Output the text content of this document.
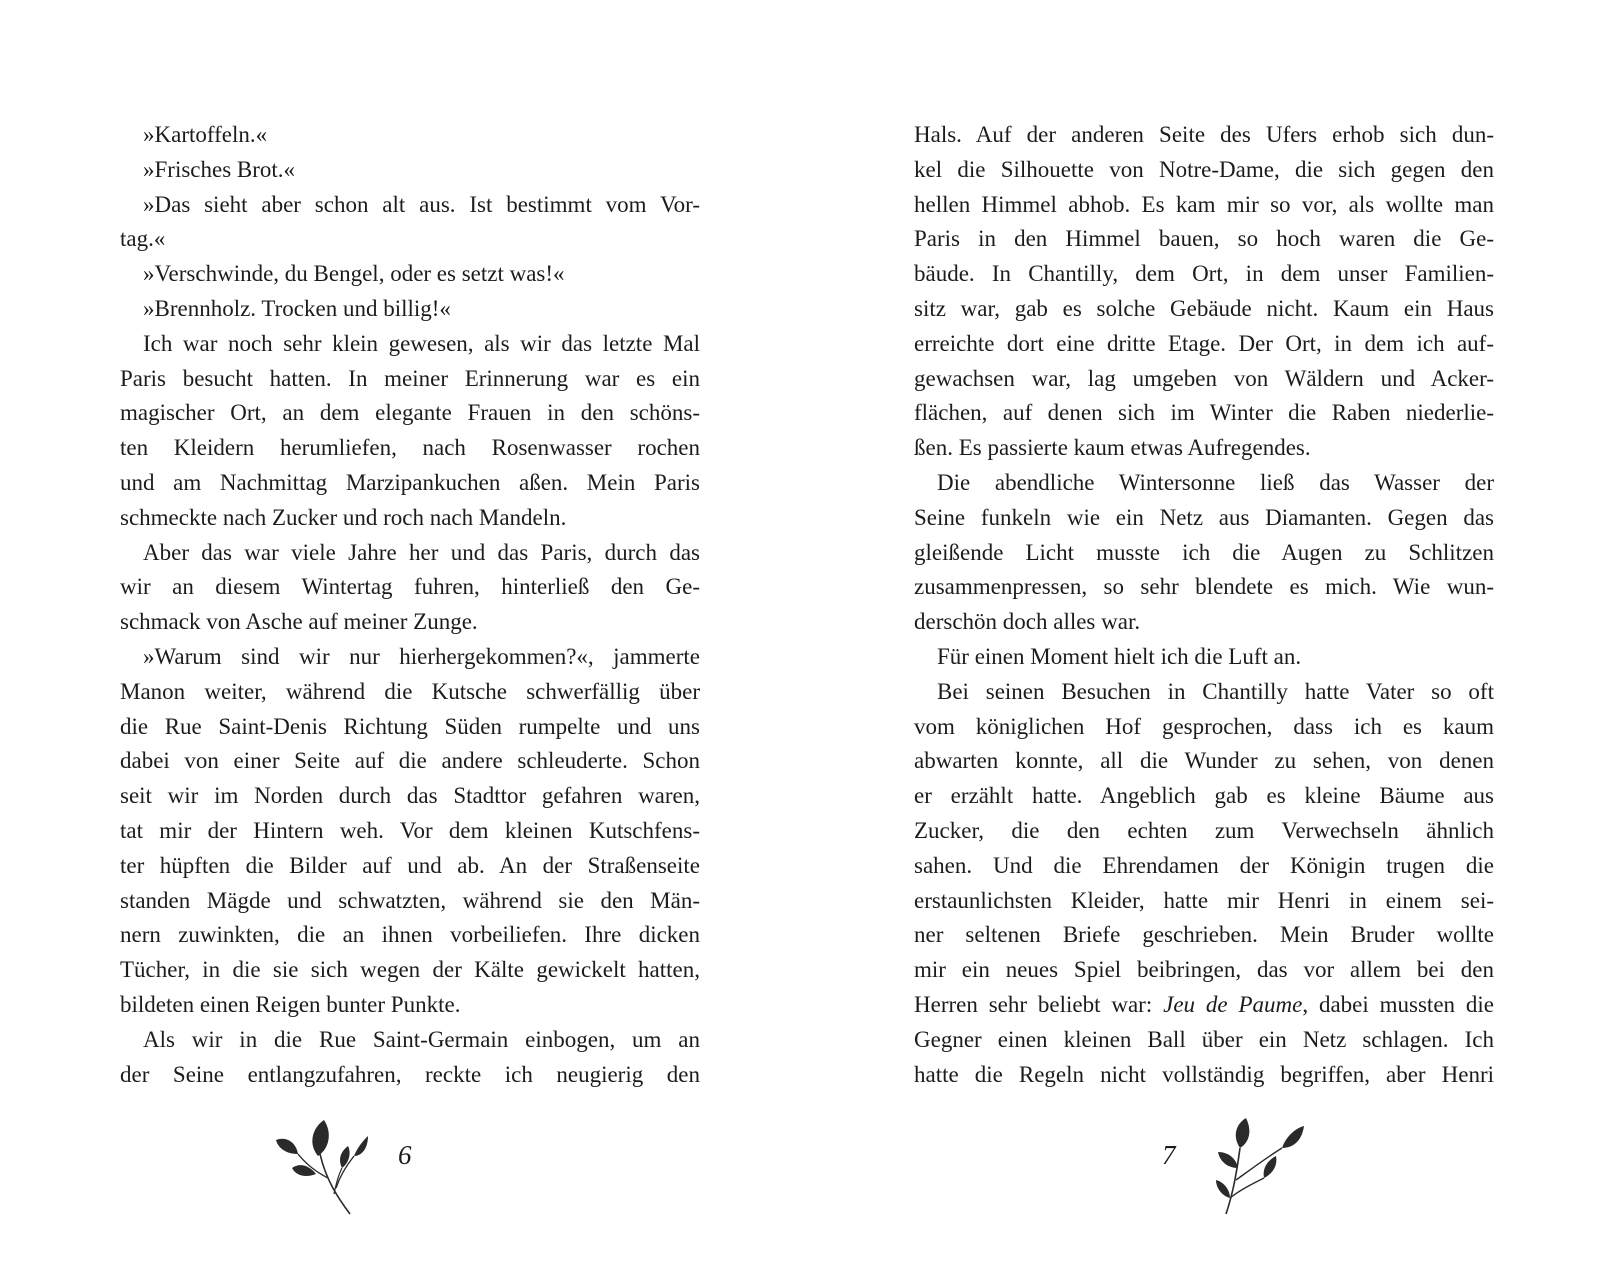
»Kartoffeln.«
»Frisches Brot.«
»Das sieht aber schon alt aus. Ist bestimmt vom Vor-
tag.«
»Verschwinde, du Bengel, oder es setzt was!«
»Brennholz. Trocken und billig!«
Ich war noch sehr klein gewesen, als wir das letzte Mal
Paris besucht hatten. In meiner Erinnerung war es ein
magischer Ort, an dem elegante Frauen in den schöns-
ten Kleidern herumliefen, nach Rosenwasser rochen
und am Nachmittag Marzipankuchen aßen. Mein Paris
schmeckte nach Zucker und roch nach Mandeln.
Aber das war viele Jahre her und das Paris, durch das
wir an diesem Wintertag fuhren, hinterließ den Ge-
schmack von Asche auf meiner Zunge.
»Warum sind wir nur hierhergekommen?«, jammerte
Manon weiter, während die Kutsche schwerfällig über
die Rue Saint-Denis Richtung Süden rumpelte und uns
dabei von einer Seite auf die andere schleuderte. Schon
seit wir im Norden durch das Stadttor gefahren waren,
tat mir der Hintern weh. Vor dem kleinen Kutschfens-
ter hüpften die Bilder auf und ab. An der Straßenseite
standen Mägde und schwatzten, während sie den Män-
nern zuwinkten, die an ihnen vorbeiliefen. Ihre dicken
Tücher, in die sie sich wegen der Kälte gewickelt hatten,
bildeten einen Reigen bunter Punkte.
Als wir in die Rue Saint-Germain einbogen, um an
der Seine entlangzufahren, reckte ich neugierig den
6
Hals. Auf der anderen Seite des Ufers erhob sich dun-
kel die Silhouette von Notre-Dame, die sich gegen den
hellen Himmel abhob. Es kam mir so vor, als wollte man
Paris in den Himmel bauen, so hoch waren die Ge-
bäude. In Chantilly, dem Ort, in dem unser Familien-
sitz war, gab es solche Gebäude nicht. Kaum ein Haus
erreichte dort eine dritte Etage. Der Ort, in dem ich auf-
gewachsen war, lag umgeben von Wäldern und Acker-
flächen, auf denen sich im Winter die Raben niederlie-
ßen. Es passierte kaum etwas Aufregendes.
Die abendliche Wintersonne ließ das Wasser der
Seine funkeln wie ein Netz aus Diamanten. Gegen das
gleißende Licht musste ich die Augen zu Schlitzen
zusammenpressen, so sehr blendete es mich. Wie wun-
derschön doch alles war.
Für einen Moment hielt ich die Luft an.
Bei seinen Besuchen in Chantilly hatte Vater so oft
vom königlichen Hof gesprochen, dass ich es kaum
abwarten konnte, all die Wunder zu sehen, von denen
er erzählt hatte. Angeblich gab es kleine Bäume aus
Zucker, die den echten zum Verwechseln ähnlich
sahen. Und die Ehrendamen der Königin trugen die
erstaunlichsten Kleider, hatte mir Henri in einem sei-
ner seltenen Briefe geschrieben. Mein Bruder wollte
mir ein neues Spiel beibringen, das vor allem bei den
Herren sehr beliebt war: Jeu de Paume, dabei mussten die
Gegner einen kleinen Ball über ein Netz schlagen. Ich
hatte die Regeln nicht vollständig begriffen, aber Henri
7
